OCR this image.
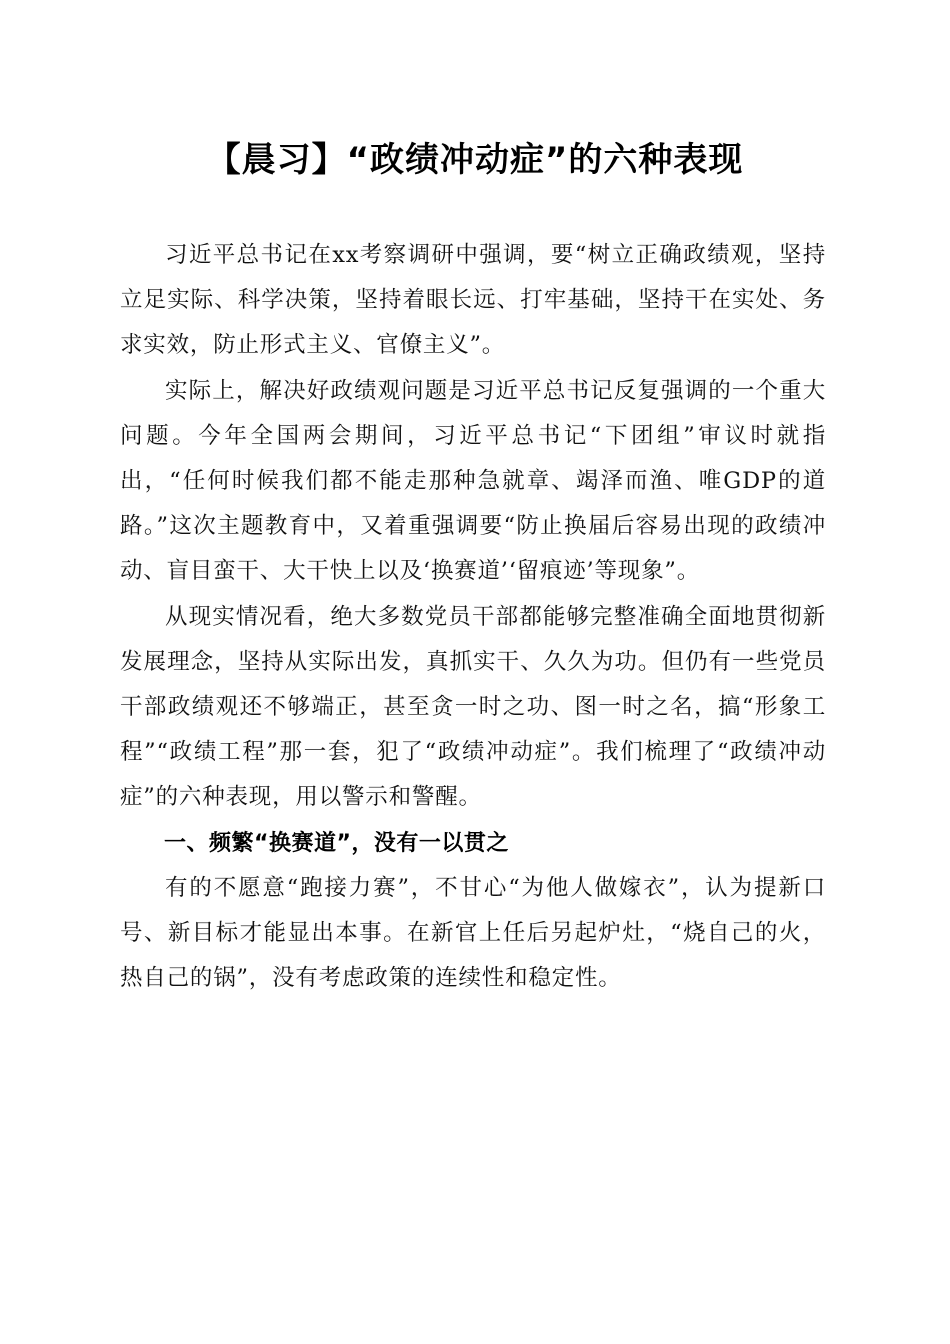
【晨习】“政绩冲动症”的六种表现

习近平总书记在xx考察调研中强调，要“树立正确政绩观，坚持立足实际、科学决策，坚持着眼长远、打牢基础，坚持干在实处、务求实效，防止形式主义、官僚主义”。

实际上，解决好政绩观问题是习近平总书记反复强调的一个重大问题。今年全国两会期间，习近平总书记“下团组”审议时就指出，“任何时候我们都不能走那种急就章、竭泽而渔、唯GDP的道路。”这次主题教育中，又着重强调要“防止换届后容易出现的政绩冲动、盲目蛮干、大干快上以及‘换赛道’‘留痕迹’等现象”。

从现实情况看，绝大多数党员干部都能够完整准确全面地贯彻新发展理念，坚持从实际出发，真抓实干、久久为功。但仍有一些党员干部政绩观还不够端正，甚至贪一时之功、图一时之名，搞“形象工程”“政绩工程”那一套，犯了“政绩冲动症”。我们梳理了“政绩冲动症”的六种表现，用以警示和警醒。

一、频繁“换赛道”，没有一以贯之

有的不愿意“跑接力赛”，不甘心“为他人做嫁衣”，认为提新口号、新目标才能显出本事。在新官上任后另起炉灶，“烧自己的火，热自己的锅”，没有考虑政策的连续性和稳定性。
